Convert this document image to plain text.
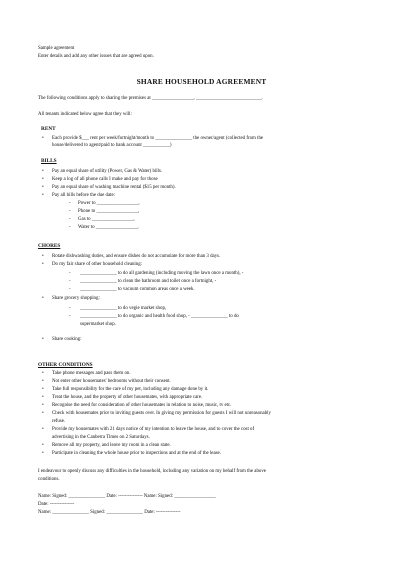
Sample agreement
Enter details and add any other issues that are agreed upon.
SHARE HOUSEHOLD AGREEMENT
The following conditions apply to sharing the premises at _________________, ___________________________.
All tenants indicated below agree that they will:
RENT
• Each provide $___ rent per week/fortnight/month to _______________ the owner/agent (collected from the
house/delivered to agent/paid to bank account ___________)
BILLS
• Pay an equal share of utility (Power, Gas & Water) bills.
• Keep a log of all phone calls I make and pay for those
• Pay an equal share of washing machine rental ($15 per month).
• Pay all bills before the due date:
- Power to _________________,
- Phone to _________________,
- Gas to _________________,
- Water to _________________,
CHORES
• Rotate dishwashing duties, and ensure dishes do not accumulate for more than 3 days.
• Do my fair share of other household cleaning:
- _______________ to do all gardening (including moving the lawn once a month), -
- _______________ to clean the bathroom and toilet once a fortnight, -
- _______________ to vacuum common areas once a week.
• Share grocery shopping:
- _______________ to do vegie market shop,
- _______________ to do organic and health food shop, - _______________ to do
supermarket shop.
• Share cooking:
OTHER CONDITIONS
• Take phone messages and pass them on.
• Not enter other housemates' bedrooms without their consent.
• Take full responsibility for the care of my pet, including any damage done by it.
• Treat the house, and the property of other housemates, with appropriate care.
• Recognise the need for consideration of other housemates in relation to noise, music, tv etc.
• Check with housemates prior to inviting guests over. In giving my permission for guests I will not unreasonably
refuse.
• Provide my housemates with 21 days notice of my intention to leave the house, and to cover the cost of
advertising in the Canberra Times on 2 Saturdays.
• Remove all my property, and leave my room in a clean state.
• Participate in cleaning the whole house prior to inspections and at the end of the lease.
I endeavour to openly discuss any difficulties in the household, including any variation on my behalf from the above
conditions.
Name: Signed: _______________ Date: --------------- Name: Signed: _________________
Date: ---------------
Name: _______________ Signed: _______________ Date: ---------------
